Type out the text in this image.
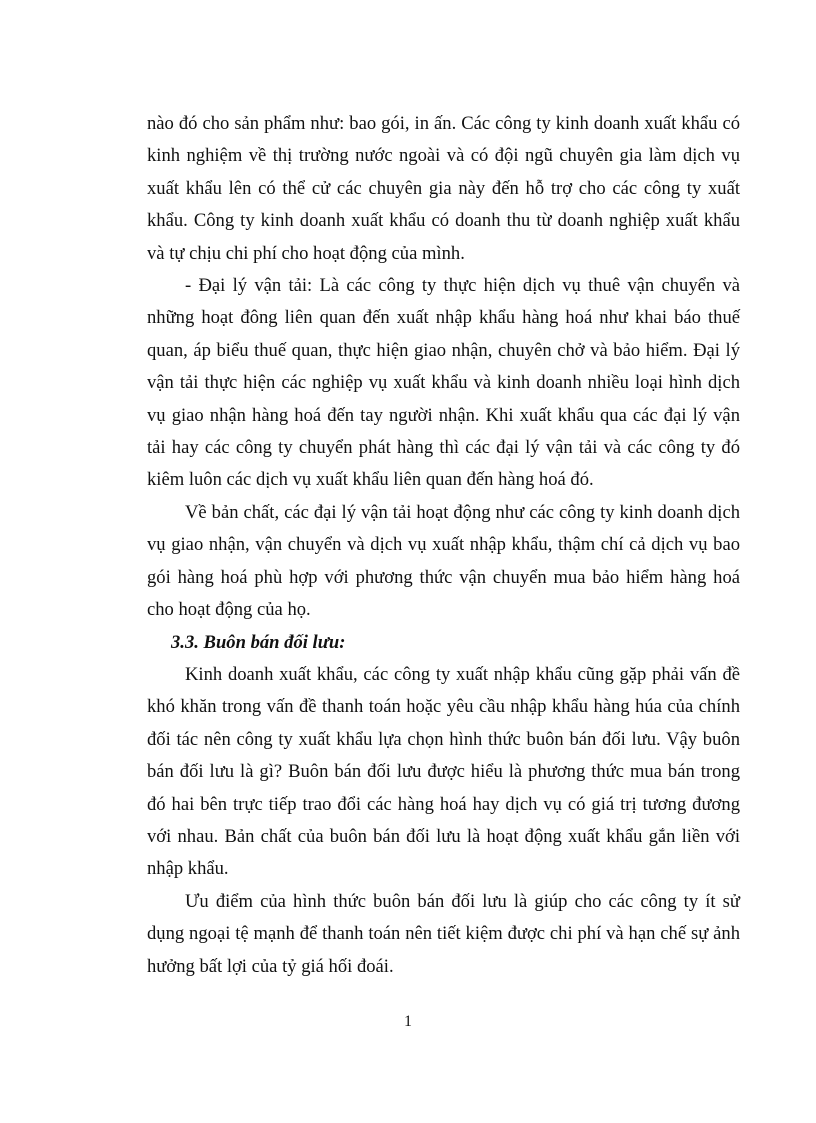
nào đó cho sản phẩm như: bao gói, in ấn. Các công ty kinh doanh xuất khẩu có kinh nghiệm về thị trường nước ngoài và có đội ngũ chuyên gia làm dịch vụ xuất khẩu lên có thể cử các chuyên gia này đến hỗ trợ cho các công ty xuất khẩu. Công ty kinh doanh xuất khẩu có doanh thu từ doanh nghiệp xuất khẩu và tự chịu chi phí cho hoạt động của mình.

- Đại lý vận tải: Là các công ty thực hiện dịch vụ thuê vận chuyển và những hoạt đông liên quan đến xuất nhập khẩu hàng hoá như khai báo thuế quan, áp biểu thuế quan, thực hiện giao nhận, chuyên chở và bảo hiểm. Đại lý vận tải thực hiện các nghiệp vụ xuất khẩu và kinh doanh nhiều loại hình dịch vụ giao nhận hàng hoá đến tay người nhận. Khi xuất khẩu qua các đại lý vận tải hay các công ty chuyển phát hàng thì các đại lý vận tải và các công ty đó kiêm luôn các dịch vụ xuất khẩu liên quan đến hàng hoá đó.

Về bản chất, các đại lý vận tải hoạt động như các công ty kinh doanh dịch vụ giao nhận, vận chuyển và dịch vụ xuất nhập khẩu, thậm chí cả dịch vụ bao gói hàng hoá phù hợp với phương thức vận chuyển mua bảo hiểm hàng hoá cho hoạt động của họ.

3.3. Buôn bán đối lưu:

Kinh doanh xuất khẩu, các công ty xuất nhập khẩu cũng gặp phải vấn đề khó khăn trong vấn đề thanh toán hoặc yêu cầu nhập khẩu hàng húa của chính đối tác nên công ty xuất khẩu lựa chọn hình thức buôn bán đối lưu. Vậy buôn bán đối lưu là gì? Buôn bán đối lưu được hiểu là phương thức mua bán trong đó hai bên trực tiếp trao đổi các hàng hoá hay dịch vụ có giá trị tương đương với nhau. Bản chất của buôn bán đối lưu là hoạt động xuất khẩu gắn liền với nhập khẩu.

Ưu điểm của hình thức buôn bán đối lưu là giúp cho các công ty ít sử dụng ngoại tệ mạnh để thanh toán nên tiết kiệm được chi phí và hạn chế sự ảnh hưởng bất lợi của tỷ giá hối đoái.

1
